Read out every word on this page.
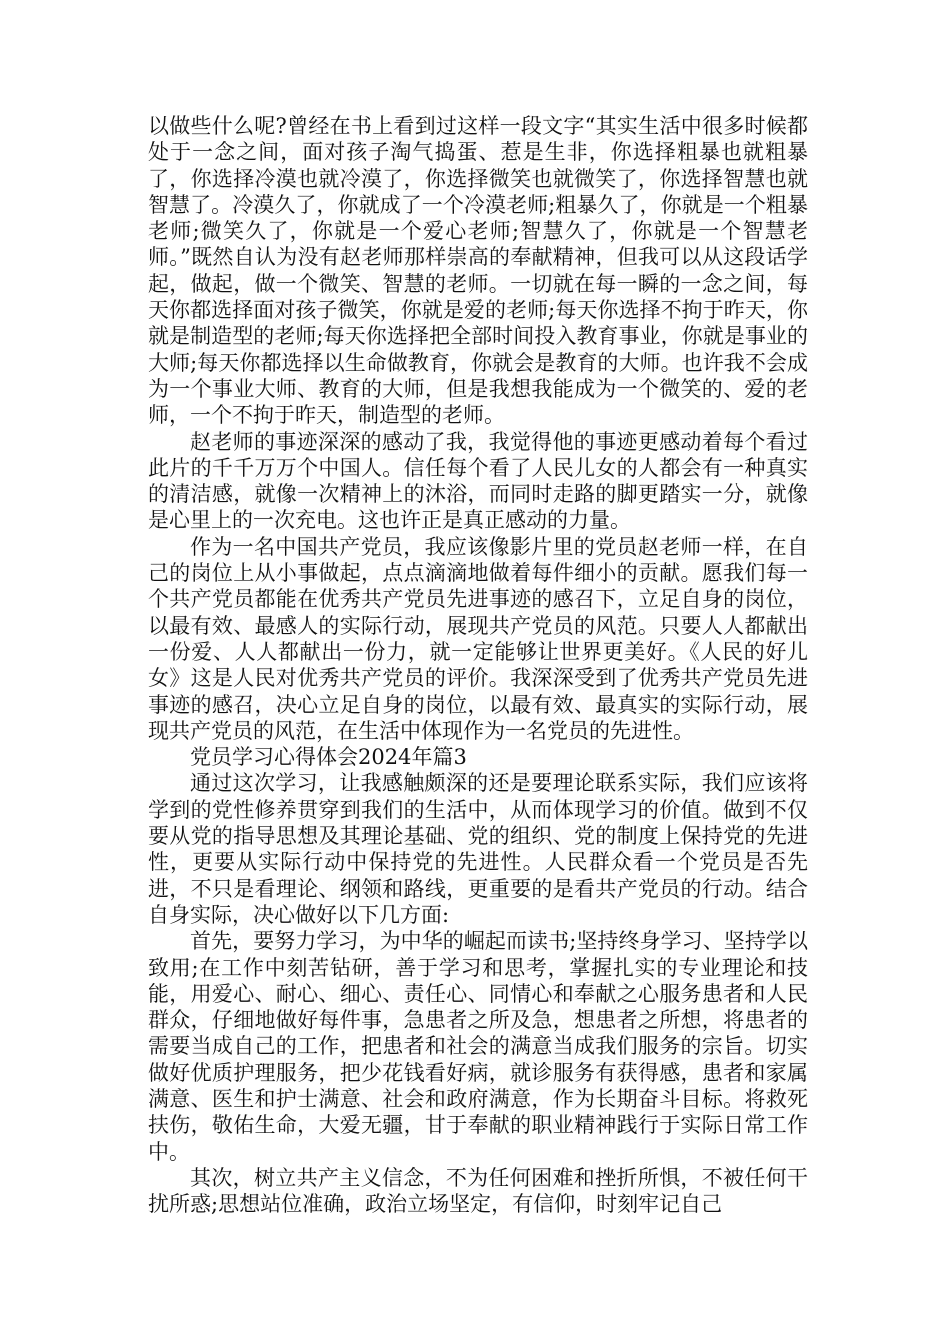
以做些什么呢?曾经在书上看到过这样一段文字“其实生活中很多时候都处于一念之间，面对孩子淘气捣蛋、惹是生非，你选择粗暴也就粗暴了，你选择冷漠也就冷漠了，你选择微笑也就微笑了，你选择智慧也就智慧了。冷漠久了，你就成了一个冷漠老师;粗暴久了，你就是一个粗暴老师;微笑久了，你就是一个爱心老师;智慧久了，你就是一个智慧老师。”既然自认为没有赵老师那样崇高的奉献精神，但我可以从这段话学起，做起，做一个微笑、智慧的老师。一切就在每一瞬的一念之间，每天你都选择面对孩子微笑，你就是爱的老师;每天你选择不拘于昨天，你就是制造型的老师;每天你选择把全部时间投入教育事业，你就是事业的大师;每天你都选择以生命做教育，你就会是教育的大师。也许我不会成为一个事业大师、教育的大师，但是我想我能成为一个微笑的、爱的老师，一个不拘于昨天，制造型的老师。

赵老师的事迹深深的感动了我，我觉得他的事迹更感动着每个看过此片的千千万万个中国人。信任每个看了人民儿女的人都会有一种真实的清洁感，就像一次精神上的沐浴，而同时走路的脚更踏实一分，就像是心里上的一次充电。这也许正是真正感动的力量。

作为一名中国共产党员，我应该像影片里的党员赵老师一样，在自己的岗位上从小事做起，点点滴滴地做着每件细小的贡献。愿我们每一个共产党员都能在优秀共产党员先进事迹的感召下，立足自身的岗位，以最有效、最感人的实际行动，展现共产党员的风范。只要人人都献出一份爱、人人都献出一份力，就一定能够让世界更美好。《人民的好儿女》这是人民对优秀共产党员的评价。我深深受到了优秀共产党员先进事迹的感召，决心立足自身的岗位，以最有效、最真实的实际行动，展现共产党员的风范，在生活中体现作为一名党员的先进性。

党员学习心得体会2024年篇3

通过这次学习，让我感触颇深的还是要理论联系实际，我们应该将学到的党性修养贯穿到我们的生活中，从而体现学习的价值。做到不仅要从党的指导思想及其理论基础、党的组织、党的制度上保持党的先进性，更要从实际行动中保持党的先进性。人民群众看一个党员是否先进，不只是看理论、纲领和路线，更重要的是看共产党员的行动。结合自身实际，决心做好以下几方面:

首先，要努力学习，为中华的崛起而读书;坚持终身学习、坚持学以致用;在工作中刻苦钻研，善于学习和思考，掌握扎实的专业理论和技能，用爱心、耐心、细心、责任心、同情心和奉献之心服务患者和人民群众，仔细地做好每件事，急患者之所及急，想患者之所想，将患者的需要当成自己的工作，把患者和社会的满意当成我们服务的宗旨。切实做好优质护理服务，把少花钱看好病，就诊服务有获得感，患者和家属满意、医生和护士满意、社会和政府满意，作为长期奋斗目标。将救死扶伤，敬佑生命，大爱无疆，甘于奉献的职业精神践行于实际日常工作中。

其次，树立共产主义信念，不为任何困难和挫折所惧，不被任何干扰所惑;思想站位准确，政治立场坚定，有信仰，时刻牢记自己
